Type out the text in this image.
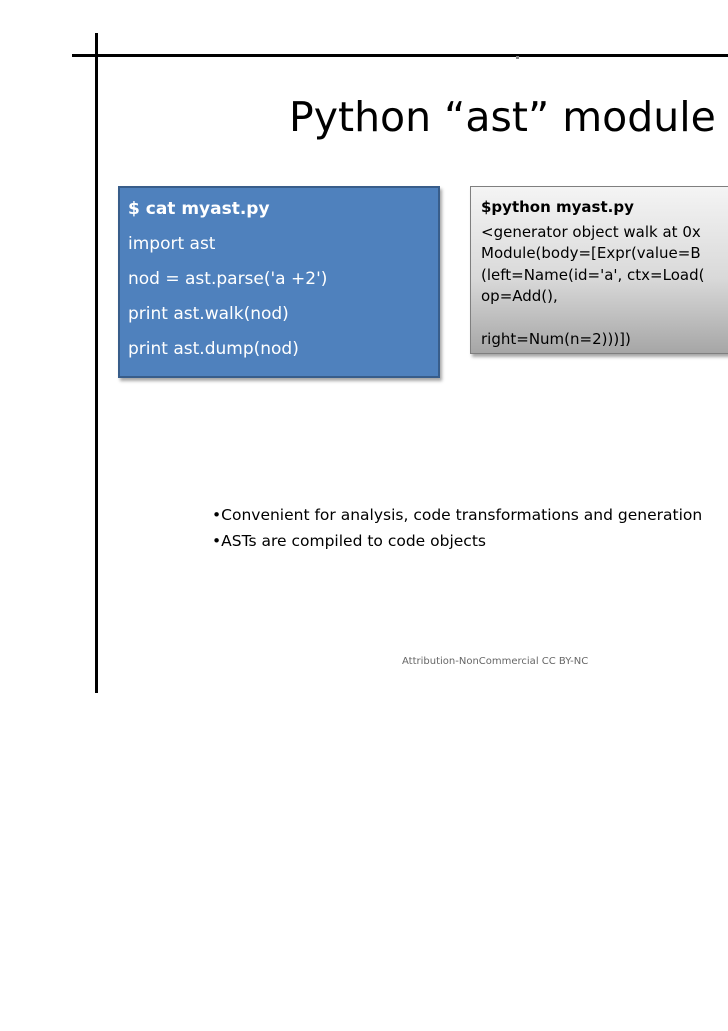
Python “ast” module
$ cat myast.py
import ast
nod = ast.parse('a +2')
print ast.walk(nod)
print ast.dump(nod)
$python myast.py
<generator object walk at 0x
Module(body=[Expr(value=B
(left=Name(id='a', ctx=Load(
op=Add(),
right=Num(n=2)))])
•Convenient for analysis, code transformations and generation
•ASTs are compiled to code objects
Attribution-NonCommercial CC BY-NC
